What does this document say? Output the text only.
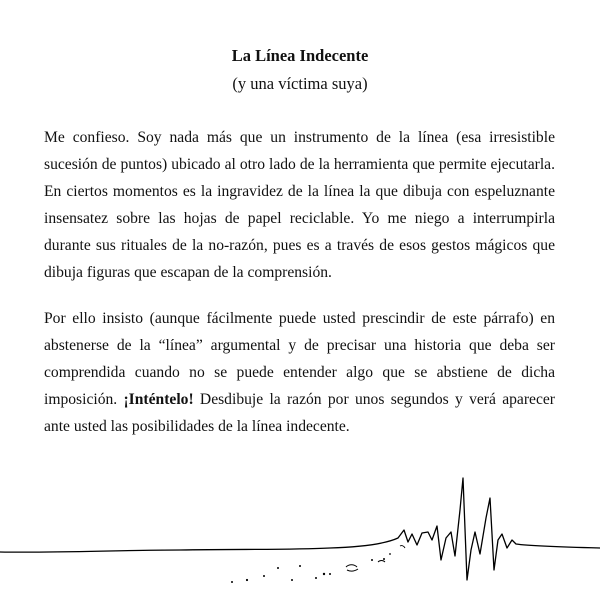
La Línea Indecente
(y una víctima suya)

Me confieso. Soy nada más que un instrumento de la línea (esa irresistible sucesión de puntos) ubicado al otro lado de la herramienta que permite ejecutarla. En ciertos momentos es la ingravidez de la línea la que dibuja con espeluznante insensatez sobre las hojas de papel reciclable. Yo me niego a interrumpirla durante sus rituales de la no-razón, pues es a través de esos gestos mágicos que dibuja figuras que escapan de la comprensión.

Por ello insisto (aunque fácilmente puede usted prescindir de este párrafo) en abstenerse de la “línea” argumental y de precisar una historia que deba ser comprendida cuando no se puede entender algo que se abstiene de dicha imposición. ¡Inténtelo! Desdibuje la razón por unos segundos y verá aparecer ante usted las posibilidades de la línea indecente.
